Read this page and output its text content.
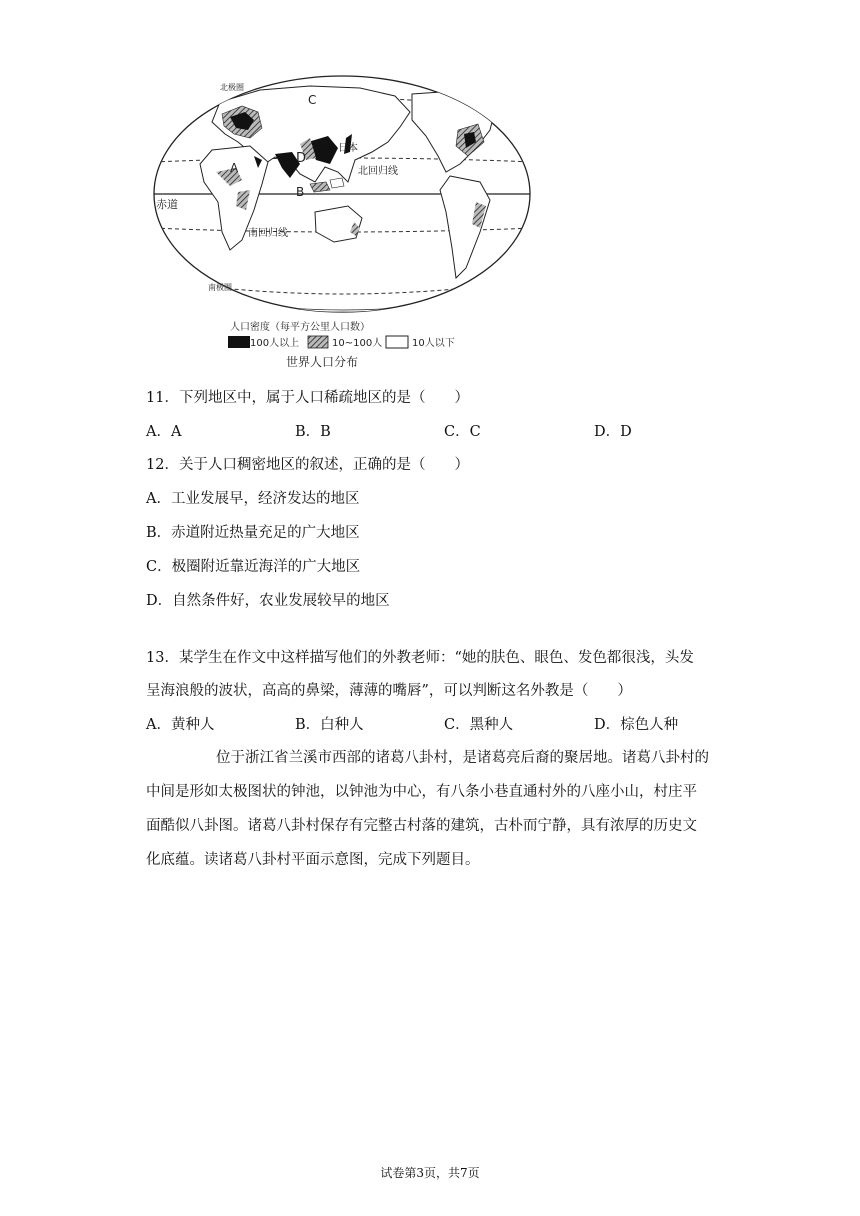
北极圈
C
日本
A
D
北回归线
B
赤道
南回归线
南极圈
人口密度（每平方公里人口数）
100人以上	10~100人	10人以下
世界人口分布
11．下列地区中，属于人口稀疏地区的是（　　）
A．A	B．B	C．C	D．D
12．关于人口稠密地区的叙述，正确的是（　　）
A．工业发展早，经济发达的地区
B．赤道附近热量充足的广大地区
C．极圈附近靠近海洋的广大地区
D．自然条件好，农业发展较早的地区
13．某学生在作文中这样描写他们的外教老师：“她的肤色、眼色、发色都很浅，头发
呈海浪般的波状，高高的鼻梁，薄薄的嘴唇”，可以判断这名外教是（　　）
A．黄种人	B．白种人	C．黑种人	D．棕色人种
位于浙江省兰溪市西部的诸葛八卦村，是诸葛亮后裔的聚居地。诸葛八卦村的
中间是形如太极图状的钟池，以钟池为中心，有八条小巷直通村外的八座小山，村庄平
面酷似八卦图。诸葛八卦村保存有完整古村落的建筑，古朴而宁静，具有浓厚的历史文
化底蕴。读诸葛八卦村平面示意图，完成下列题目。
试卷第3页，共7页
